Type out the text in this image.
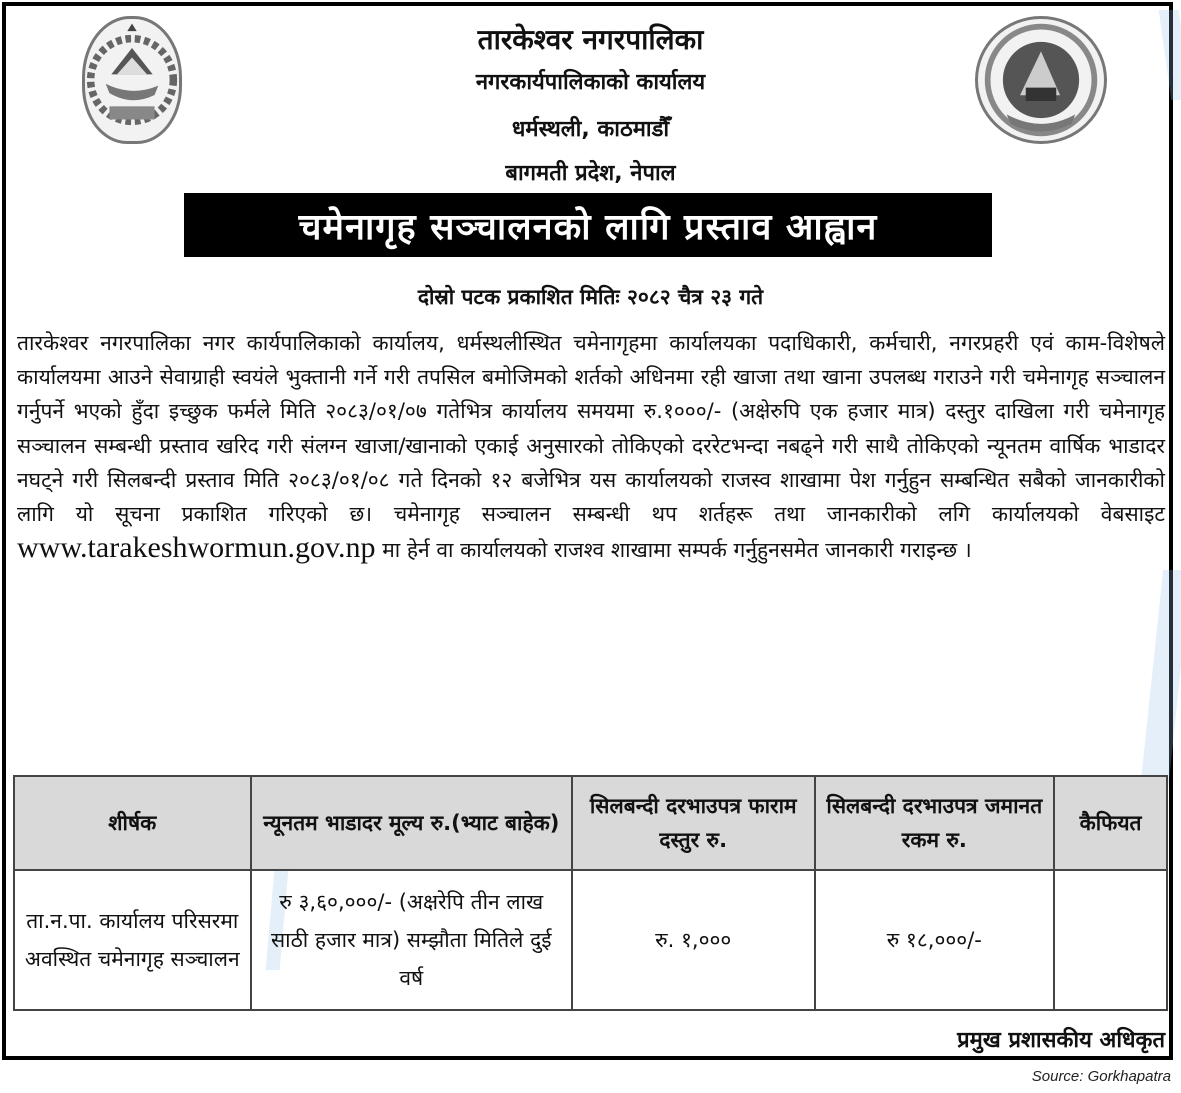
तारकेश्वर नगरपालिका
नगरकार्यपालिकाको कार्यालय
धर्मस्थली, काठमाडौँ
बागमती प्रदेश, नेपाल
चमेनागृह सञ्चालनको लागि प्रस्ताव आह्वान
दोस्रो पटक प्रकाशित मितिः २०८२ चैत्र २३ गते
तारकेश्वर नगरपालिका नगर कार्यपालिकाको कार्यालय, धर्मस्थलीस्थित चमेनागृहमा कार्यालयका पदाधिकारी, कर्मचारी, नगरप्रहरी एवं काम-विशेषले कार्यालयमा आउने सेवाग्राही स्वयंले भुक्तानी गर्ने गरी तपसिल बमोजिमको शर्तको अधिनमा रही खाजा तथा खाना उपलब्ध गराउने गरी चमेनागृह सञ्चालन गर्नुपर्ने भएको हुँदा इच्छुक फर्मले मिति २०८३/०१/०७ गतेभित्र कार्यालय समयमा रु.१०००/- (अक्षेरुपि एक हजार मात्र) दस्तुर दाखिला गरी चमेनागृह सञ्चालन सम्बन्धी प्रस्ताव खरिद गरी संलग्न खाजा/खानाको एकाई अनुसारको तोकिएको दररेटभन्दा नबढ्ने गरी साथै तोकिएको न्यूनतम वार्षिक भाडादर नघट्ने गरी सिलबन्दी प्रस्ताव मिति २०८३/०१/०८ गते दिनको १२ बजेभित्र यस कार्यालयको राजस्व शाखामा पेश गर्नुहुन सम्बन्धित सबैको जानकारीको लागि यो सूचना प्रकाशित गरिएको छ। चमेनागृह सञ्चालन सम्बन्धी थप शर्तहरू तथा जानकारीको लगि कार्यालयको वेबसाइट www.tarakeshwormun.gov.np मा हेर्न वा कार्यालयको राजश्व शाखामा सम्पर्क गर्नुहुनसमेत जानकारी गराइन्छ ।
शीर्षक	न्यूनतम भाडादर मूल्य रु.(भ्याट बाहेक)	सिलबन्दी दरभाउपत्र फाराम दस्तुर रु.	सिलबन्दी दरभाउपत्र जमानत रकम रु.	कैफियत
ता.न.पा. कार्यालय परिसरमा अवस्थित चमेनागृह सञ्चालन	रु ३,६०,०००/- (अक्षरेपि तीन लाख साठी हजार मात्र) सम्झौता मितिले दुई वर्ष	रु. १,०००	रु १८,०००/-	
प्रमुख प्रशासकीय अधिकृत
Source: Gorkhapatra
